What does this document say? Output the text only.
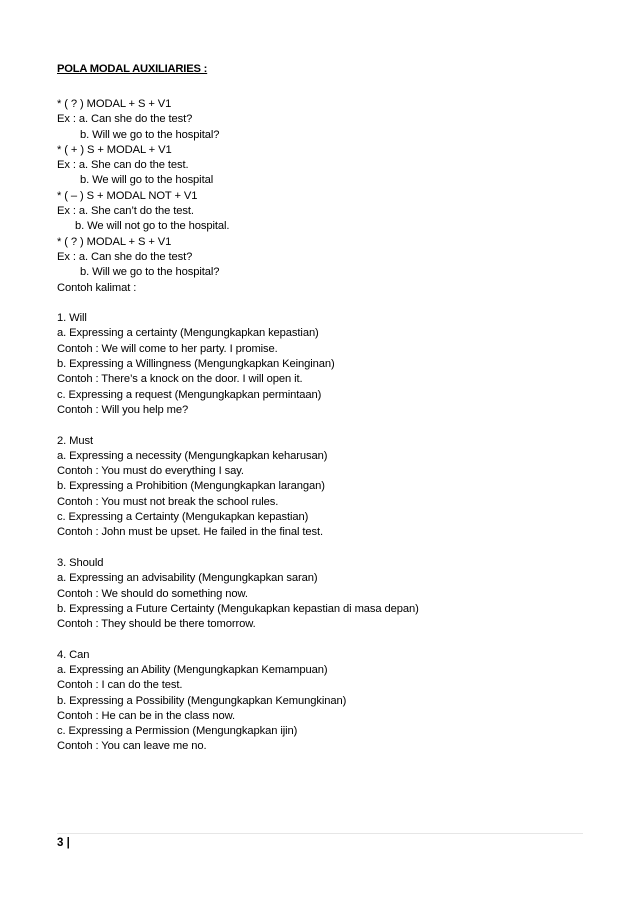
POLA MODAL AUXILIARIES :
* ( ? ) MODAL + S + V1
Ex : a. Can she do the test?
b. Will we go to the hospital?
* ( + ) S + MODAL + V1
Ex : a. She can do the test.
b. We will go to the hospital
* ( – ) S + MODAL NOT + V1
Ex : a. She can’t do the test.
b. We will not go to the hospital.
* ( ? ) MODAL + S + V1
Ex : a. Can she do the test?
b. Will we go to the hospital?
Contoh kalimat :
1. Will
a. Expressing a certainty (Mengungkapkan kepastian)
Contoh : We will come to her party. I promise.
b. Expressing a Willingness (Mengungkapkan Keinginan)
Contoh : There’s a knock on the door. I will open it.
c. Expressing a request (Mengungkapkan permintaan)
Contoh : Will you help me?
2. Must
a. Expressing a necessity (Mengungkapkan keharusan)
Contoh : You must do everything I say.
b. Expressing a Prohibition (Mengungkapkan larangan)
Contoh : You must not break the school rules.
c. Expressing a Certainty (Mengukapkan kepastian)
Contoh : John must be upset. He failed in the final test.
3. Should
a. Expressing an advisability (Mengungkapkan saran)
Contoh : We should do something now.
b. Expressing a Future Certainty (Mengukapkan kepastian di masa depan)
Contoh : They should be there tomorrow.
4. Can
a. Expressing an Ability (Mengungkapkan Kemampuan)
Contoh : I can do the test.
b. Expressing a Possibility (Mengungkapkan Kemungkinan)
Contoh : He can be in the class now.
c. Expressing a Permission (Mengungkapkan ijin)
Contoh : You can leave me no.
3 |
